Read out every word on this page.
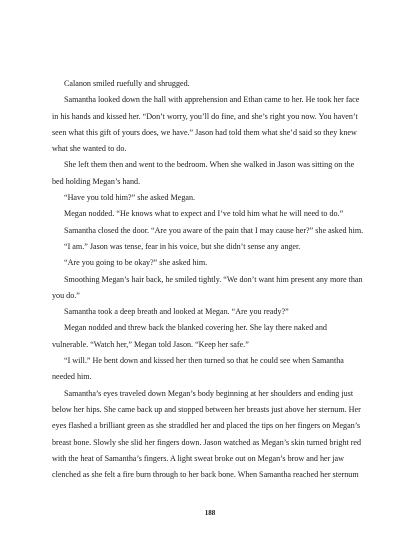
Calanon smiled ruefully and shrugged.
Samantha looked down the hall with apprehension and Ethan came to her. He took her face
in his hands and kissed her. “Don’t worry, you’ll do fine, and she’s right you now. You haven’t
seen what this gift of yours does, we have.” Jason had told them what she’d said so they knew
what she wanted to do.
She left them then and went to the bedroom. When she walked in Jason was sitting on the
bed holding Megan’s hand.
“Have you told him?” she asked Megan.
Megan nodded. “He knows what to expect and I’ve told him what he will need to do.”
Samantha closed the door. “Are you aware of the pain that I may cause her?” she asked him.
“I am.” Jason was tense, fear in his voice, but she didn’t sense any anger.
“Are you going to be okay?” she asked him.
Smoothing Megan’s hair back, he smiled tightly. “We don’t want him present any more than
you do.”
Samantha took a deep breath and looked at Megan. “Are you ready?”
Megan nodded and threw back the blanked covering her. She lay there naked and
vulnerable. “Watch her,” Megan told Jason. “Keep her safe.”
“I will.” He bent down and kissed her then turned so that he could see when Samantha
needed him.
Samantha’s eyes traveled down Megan’s body beginning at her shoulders and ending just
below her hips. She came back up and stopped between her breasts just above her sternum. Her
eyes flashed a brilliant green as she straddled her and placed the tips on her fingers on Megan’s
breast bone. Slowly she slid her fingers down. Jason watched as Megan’s skin turned bright red
with the heat of Samantha’s fingers. A light sweat broke out on Megan’s brow and her jaw
clenched as she felt a fire burn through to her back bone. When Samantha reached her sternum
188
